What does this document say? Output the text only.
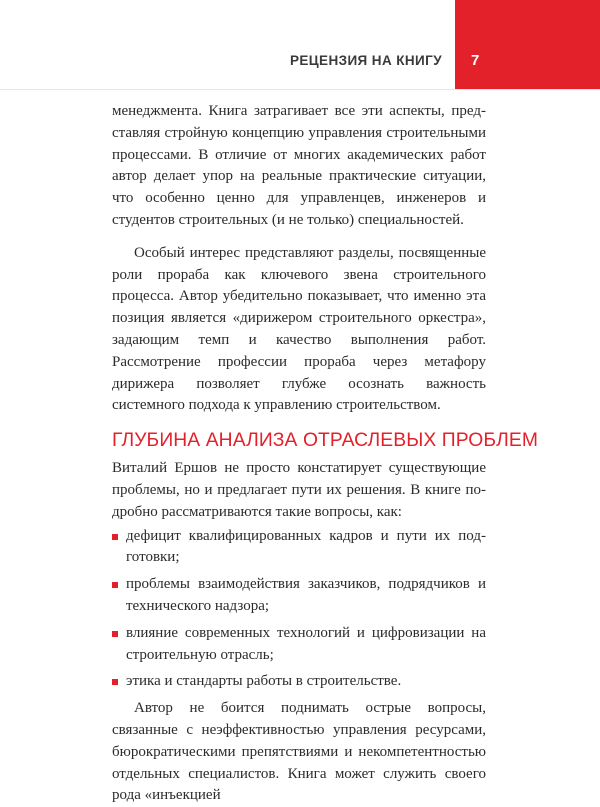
РЕЦЕНЗИЯ НА КНИГУ 7

менеджмента. Книга затрагивает все эти аспекты, представляя стройную концепцию управления строительными процессами. В отличие от многих академических работ автор делает упор на реальные практические ситуации, что особенно ценно для управленцев, инженеров и студентов строительных (и не только) специальностей.

Особый интерес представляют разделы, посвященные роли прораба как ключевого звена строительного процесса. Автор убедительно показывает, что именно эта позиция является «дирижером строительного оркестра», задающим темп и качество выполнения работ. Рассмотрение профессии прораба через метафору дирижера позволяет глубже осознать важность системного подхода к управлению строительством.

ГЛУБИНА АНАЛИЗА ОТРАСЛЕВЫХ ПРОБЛЕМ

Виталий Ершов не просто констатирует существующие проблемы, но и предлагает пути их решения. В книге подробно рассматриваются такие вопросы, как:

дефицит квалифицированных кадров и пути их подготовки;
проблемы взаимодействия заказчиков, подрядчиков и технического надзора;
влияние современных технологий и цифровизации на строительную отрасль;
этика и стандарты работы в строительстве.

Автор не боится поднимать острые вопросы, связанные с неэффективностью управления ресурсами, бюрократическими препятствиями и некомпетентностью отдельных специалистов. Книга может служить своего рода «инъекцией
